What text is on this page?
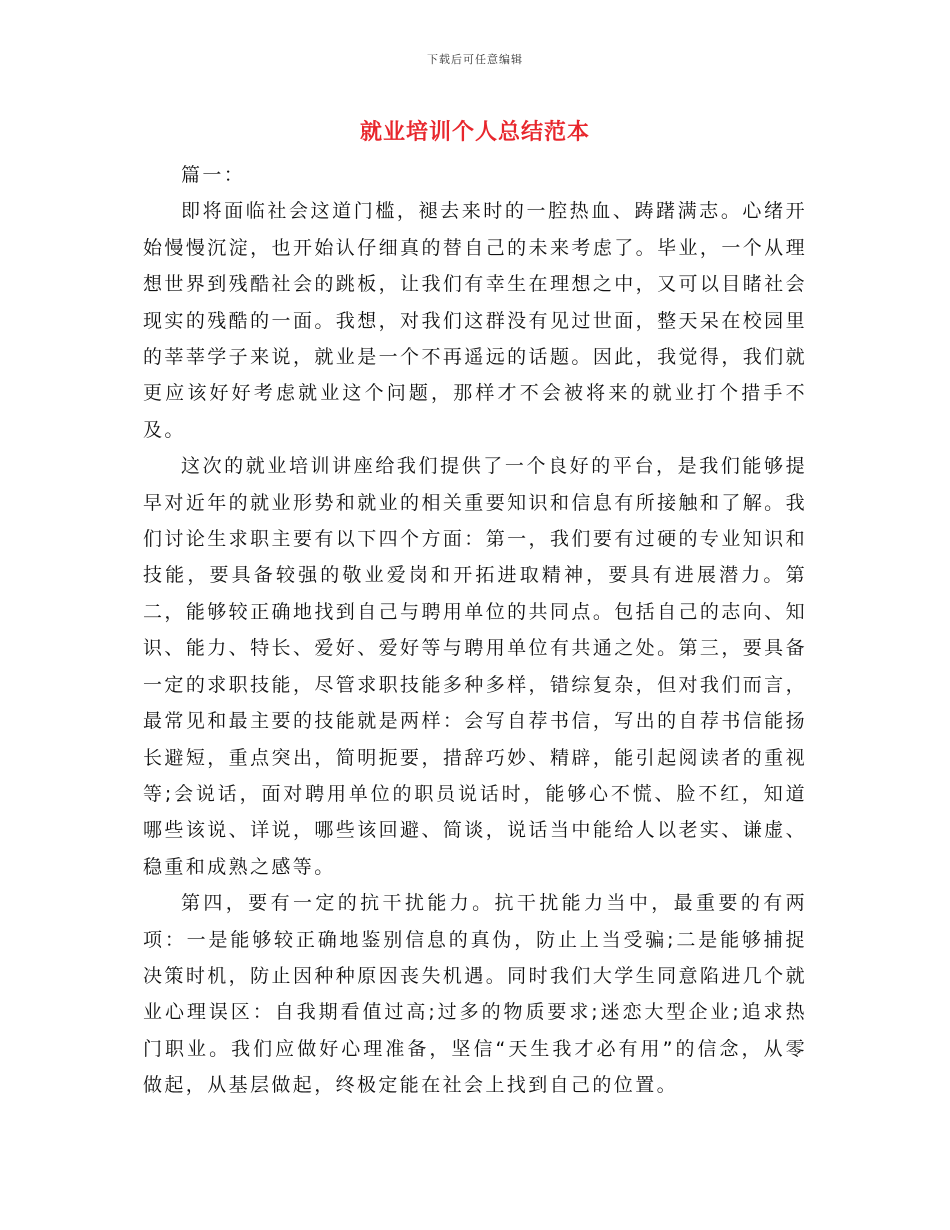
下载后可任意编辑
就业培训个人总结范本

篇一：

即将面临社会这道门槛，褪去来时的一腔热血、踌躇满志。心绪开始慢慢沉淀，也开始认仔细真的替自己的未来考虑了。毕业，一个从理想世界到残酷社会的跳板，让我们有幸生在理想之中，又可以目睹社会现实的残酷的一面。我想，对我们这群没有见过世面，整天呆在校园里的莘莘学子来说，就业是一个不再遥远的话题。因此，我觉得，我们就更应该好好考虑就业这个问题，那样才不会被将来的就业打个措手不及。

这次的就业培训讲座给我们提供了一个良好的平台，是我们能够提早对近年的就业形势和就业的相关重要知识和信息有所接触和了解。我们讨论生求职主要有以下四个方面：第一，我们要有过硬的专业知识和技能，要具备较强的敬业爱岗和开拓进取精神，要具有进展潜力。第二，能够较正确地找到自己与聘用单位的共同点。包括自己的志向、知识、能力、特长、爱好、爱好等与聘用单位有共通之处。第三，要具备一定的求职技能，尽管求职技能多种多样，错综复杂，但对我们而言，最常见和最主要的技能就是两样：会写自荐书信，写出的自荐书信能扬长避短，重点突出，简明扼要，措辞巧妙、精辟，能引起阅读者的重视等;会说话，面对聘用单位的职员说话时，能够心不慌、脸不红，知道哪些该说、详说，哪些该回避、简谈，说话当中能给人以老实、谦虚、稳重和成熟之感等。

第四，要有一定的抗干扰能力。抗干扰能力当中，最重要的有两项：一是能够较正确地鉴别信息的真伪，防止上当受骗;二是能够捕捉决策时机，防止因种种原因丧失机遇。同时我们大学生同意陷进几个就业心理误区：自我期看值过高;过多的物质要求;迷恋大型企业;追求热门职业。我们应做好心理准备，坚信“天生我才必有用”的信念，从零做起，从基层做起，终极定能在社会上找到自己的位置。
